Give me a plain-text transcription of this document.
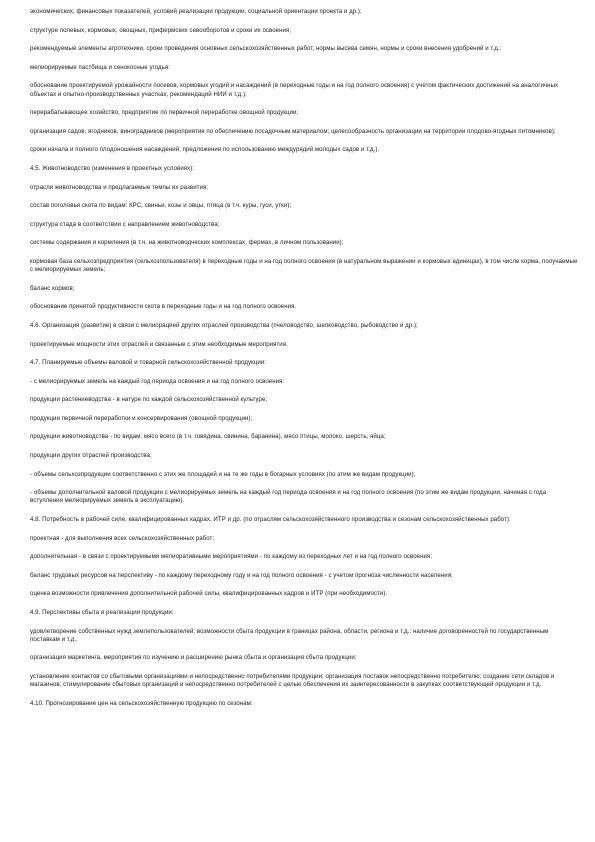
экономических, финансовых показателей, условий реализации продукции, социальной ориентации проекта и др.);

структуре полевых, кормовых, овощных, прифермских севооборотов и сроки их освоения;

рекомендуемые элементы агротехники, сроки проведения основных сельскохозяйственных работ, нормы высева семян, нормы и сроки внесения удобрений и т.д.;

мелиорируемые пастбища и сенокосные угодья:

обоснование проектируемой урожайности посевов, кормовых угодий и насаждений (в переходные годы и на год полного освоения) с учетом фактических достижений на аналогичных объектах и опытно-производственных участках, рекомендаций НИИ и т.д.);

перерабатывающее хозяйство, предприятие по первичной переработке овощной продукции;

организация садов, ягодников, виноградников (мероприятия по обеспечению посадочным материалом; целесообразность организации на территории плодово-ягодных питомников);

сроки начала и полного плодоношения насаждений; предложения по использованию междурядий молодых садов и т.д.).

4.5. Животноводство (изменения в проектных условиях):

отрасли животноводства и предлагаемые темпы их развития;

состав поголовья скота по видам: КРС, свиньи, козы и овцы, птица (в т.ч. куры, гуси, утки);

структура стада в соответствии с направлением животноводства;

системы содержания и кормления (в т.ч. на животноводческих комплексах, фермах, в личном пользовании);

кормовая база сельхозпредприятия (сельхозпользователя) в переходные годы и на год полного освоения (в натуральном выражении и кормовых единицах), в том числе корма, получаемые с мелиорируемых земель;

баланс кормов;

обоснование принятой продуктивности скота в переходные годы и на год полного освоения.

4.6. Организация (развитие) в связи с мелиорацией других отраслей производства (пчеловодство, шелководство, рыбоводство и др.);

проектируемые мощности этих отраслей и связанные с этим необходимые мероприятия.

4.7. Планируемые объемы валовой и товарной сельскохозяйственной продукции:

- с мелиорируемых земель на каждый год периода освоения и на год полного освоения:

продукции растениеводства - в натуре по каждой сельскохозяйственной культуре;

продукции первичной переработки и консервирования (овощной продукции);

продукции животноводства - по видам: мясо всего (в т.ч. говядина, свинина, баранина), мясо птицы, молоко, шерсть, яйца;

продукции других отраслей производства;

- объемы сельхозпродукции соответственно с этих же площадей и на те же годы в богарных условиях (по этим же видам продукции);

- объемы дополнительной валовой продукции с мелиорируемых земель на каждый год периода освоения и на год полного освоения (по этим же видам продукции, начиная с года вступления мелиорируемых земель в эксплуатацию).

4.8. Потребность в рабочей силе, квалифицированных кадрах, ИТР и др. (по отраслям сельскохозяйственного производства и сезонам сельскохозяйственных работ):

проектная - для выполнения всех сельскохозяйственных работ;

дополнительная - в связи с проектируемыми мелиоративными мероприятиями - по каждому из переходных лет и на год полного освоения;

баланс трудовых ресурсов на перспективу - по каждому переходному году и на год полного освоения - с учетом прогноза численности населения;

оценка возможности привлечения дополнительной рабочей силы, квалифицированных кадров и ИТР (при необходимости).

4.9. Перспективы сбыта и реализации продукции:

удовлетворение собственных нужд землепользователей; возможности сбыта продукции в границах района, области, региона и т.д.; наличие договоренностей по государственным поставкам и т.д.;

организация маркетинга, мероприятия по изучению и расширению рынка сбыта и организация сбыта продукции;

установление контактов со сбытовыми организациями и непосредственно потребителями продукции; организация поставок непосредственно потребителю; создание сети складов и магазинов; стимулирование сбытовых организаций и непосредственно потребителей с целью обеспечения их заинтересованности в закупках соответствующей продукции и т.д.

4.10. Прогнозирование цен на сельскохозяйственную продукцию по сезонам:
